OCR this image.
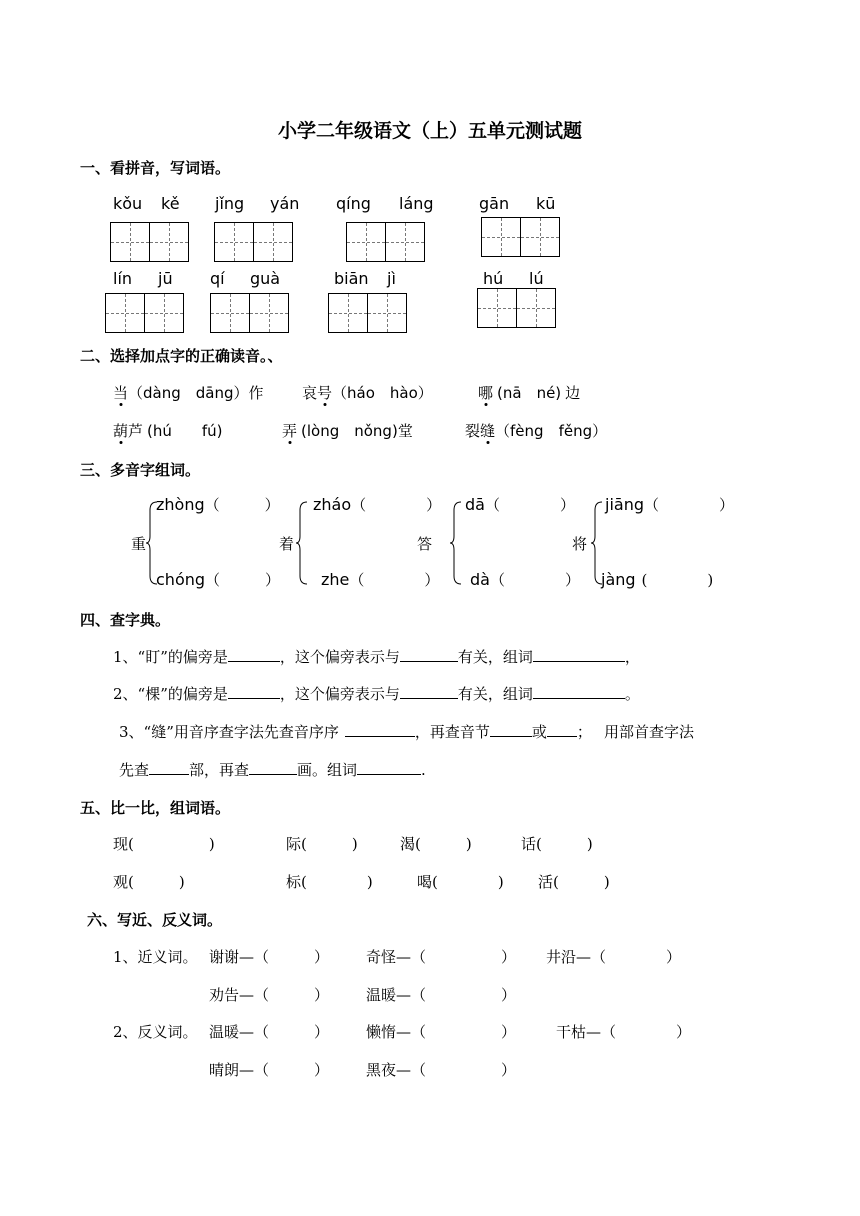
小学二年级语文（上）五单元测试题
一、看拼音，写词语。
kǒu kě jǐng yán qíng láng	gān kū
lín jū qí guà	biān jì	hú lú
二、选择加点字的正确读音。、
当（dàng　dāng）作	哀号（háo　hào）	哪 (nā　né) 边
葫芦 (hú　　fú)	弄 (lòng　nǒng)堂	裂缝（fèng　fěng）
三、多音字组词。
重
zhòng（　　　）
chóng（　　　）
着
zháo（　　　　）
zhe（　　　　）
答
dā（　　　　）
dà（　　　　）
将
jiāng（　　　　）
jàng (　　　　)
四、查字典。
1、“盯”的偏旁是	，这个偏旁表示与	有关，组词	，
2、“棵”的偏旁是	，这个偏旁表示与	有关，组词	。
3、“缝”用音序查字法先查音序序	，再查音节	或 ； 用部首查字法
先查	部，再查	画。组词	.
五、比一比，组词语。
现(　　　　　)	际(　　　)	渴(　　　)	话(　　　)
观(　　　)	标(　　　　)	喝(　　　　) 活(　　　)
六、写近、反义词。
1、近义词。 谢谢—（　　　） 奇怪—（　　　　　） 井沿—（　　　　）
劝告—（　　　） 温暖—（　　　　　）
2、反义词。 温暖—（　　　） 懒惰—（　　　　　）	干枯—（　　　　）
晴朗—（　　　） 黑夜—（　　　　　）
